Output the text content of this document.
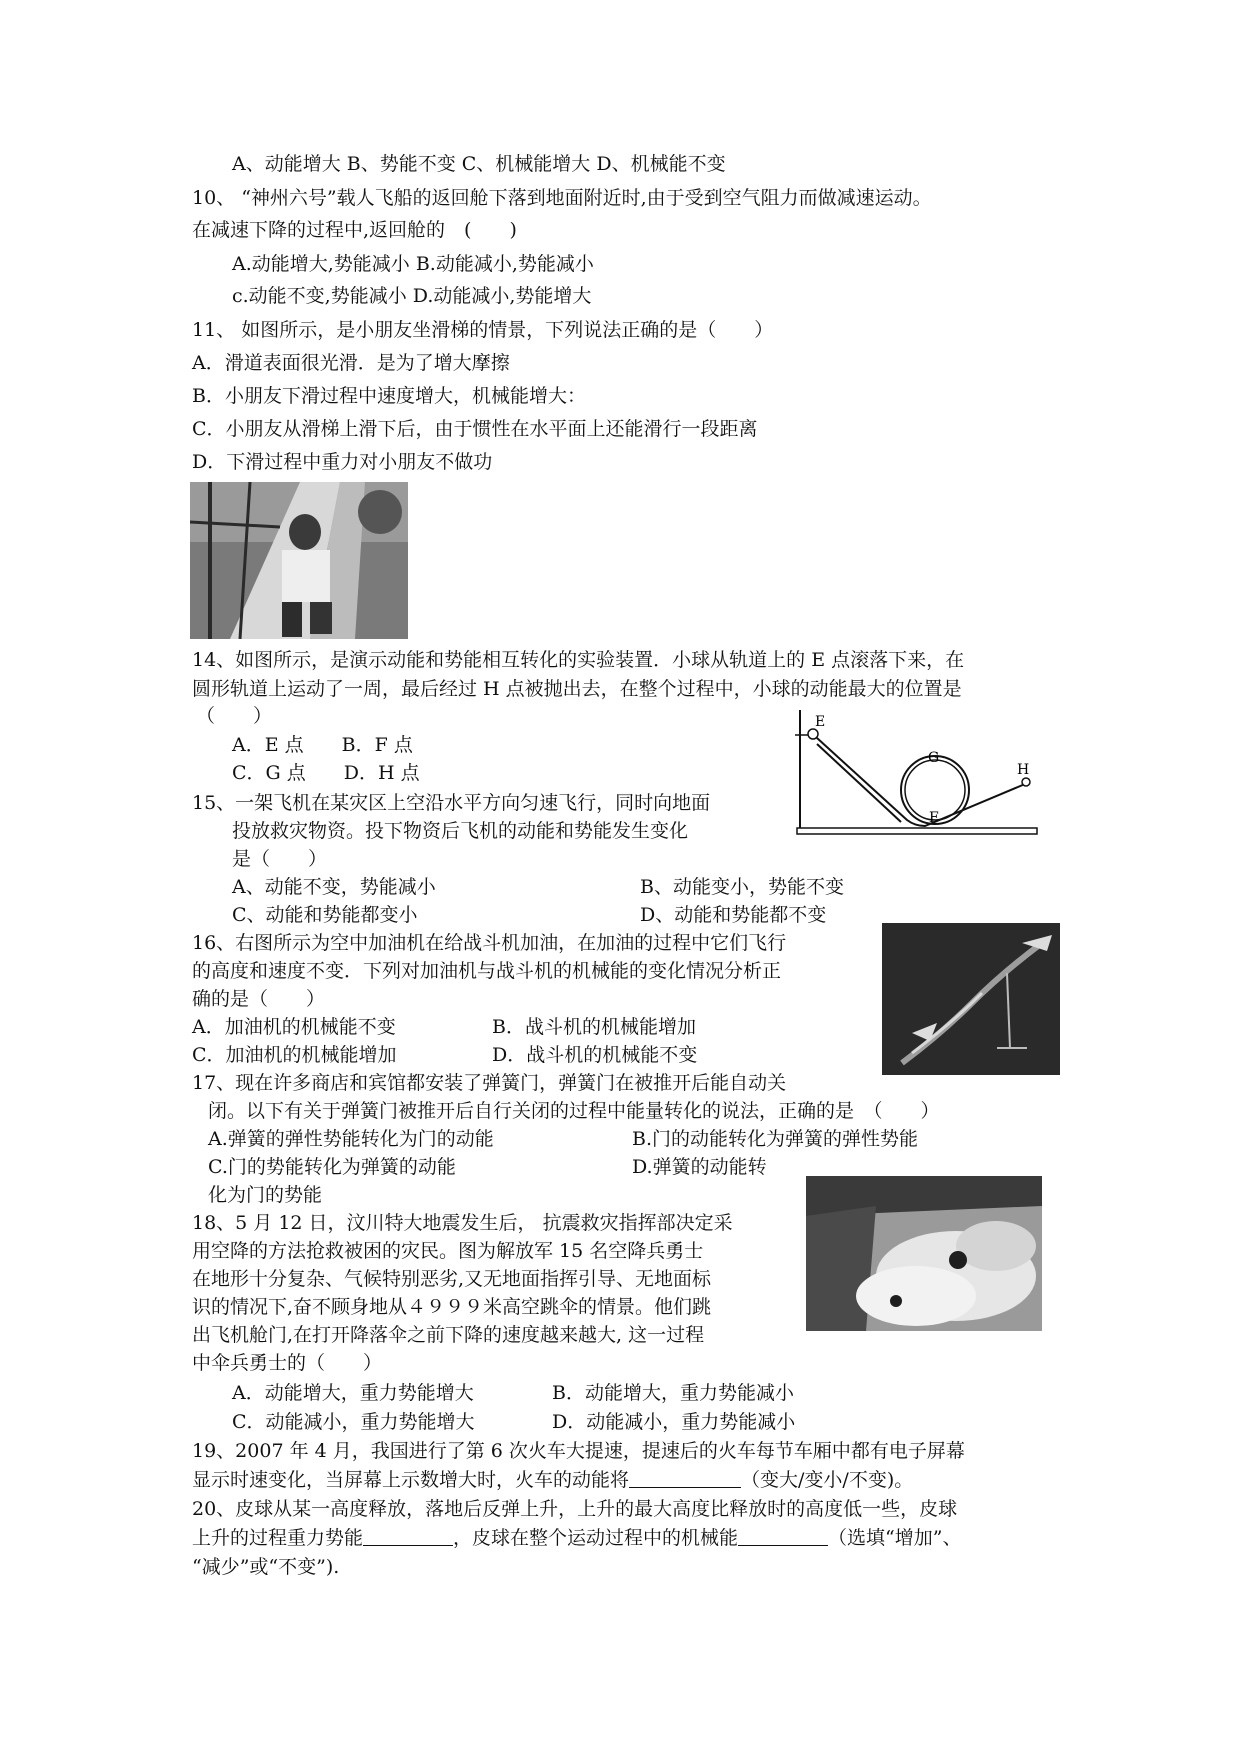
A、动能增大 B、势能不变 C、机械能增大 D、机械能不变
10、 “神州六号”载人飞船的返回舱下落到地面附近时,由于受到空气阻力而做减速运动。
在减速下降的过程中,返回舱的　(　　)
A.动能增大,势能减小 B.动能减小,势能减小
c.动能不变,势能减小 D.动能减小,势能增大
11、 如图所示，是小朋友坐滑梯的情景，下列说法正确的是（　　）
A．滑道表面很光滑．是为了增大摩擦
B．小朋友下滑过程中速度增大，机械能增大：
C．小朋友从滑梯上滑下后，由于惯性在水平面上还能滑行一段距离
D．下滑过程中重力对小朋友不做功
14、如图所示，是演示动能和势能相互转化的实验装置．小球从轨道上的 E 点滚落下来，在
圆形轨道上运动了一周，最后经过 H 点被抛出去，在整个过程中，小球的动能最大的位置是
（　　）
A．E 点　　B．F 点
C．G 点　　D．H 点
E
G
H
F
15、一架飞机在某灾区上空沿水平方向匀速飞行，同时向地面
投放救灾物资。投下物资后飞机的动能和势能发生变化
是（　　）
A、动能不变，势能减小	B、动能变小，势能不变
C、动能和势能都变小	D、动能和势能都不变
16、右图所示为空中加油机在给战斗机加油，在加油的过程中它们飞行
的高度和速度不变．下列对加油机与战斗机的机械能的变化情况分析正
确的是（　　）
A．加油机的机械能不变	B．战斗机的机械能增加
C．加油机的机械能增加	D．战斗机的机械能不变
17、现在许多商店和宾馆都安装了弹簧门，弹簧门在被推开后能自动关
闭。以下有关于弹簧门被推开后自行关闭的过程中能量转化的说法，正确的是　（　　）
A.弹簧的弹性势能转化为门的动能	B.门的动能转化为弹簧的弹性势能
C.门的势能转化为弹簧的动能	D.弹簧的动能转
化为门的势能
18、5 月 12 日，汶川特大地震发生后， 抗震救灾指挥部决定采
用空降的方法抢救被困的灾民。图为解放军 15 名空降兵勇士
在地形十分复杂、气候特别恶劣,又无地面指挥引导、无地面标
识的情况下,奋不顾身地从４９９９米高空跳伞的情景。他们跳
出飞机舱门,在打开降落伞之前下降的速度越来越大, 这一过程
中伞兵勇士的（　　）
A．动能增大，重力势能增大	B．动能增大，重力势能减小
C．动能减小，重力势能增大	D．动能减小，重力势能减小
19、2007 年 4 月，我国进行了第 6 次火车大提速，提速后的火车每节车厢中都有电子屏幕
显示时速变化，当屏幕上示数增大时，火车的动能将	（变大/变小/不变)。
20、皮球从某一高度释放，落地后反弹上升，上升的最大高度比释放时的高度低一些，皮球
上升的过程重力势能	，皮球在整个运动过程中的机械能	（选填“增加”、
“减少”或“不变”).
